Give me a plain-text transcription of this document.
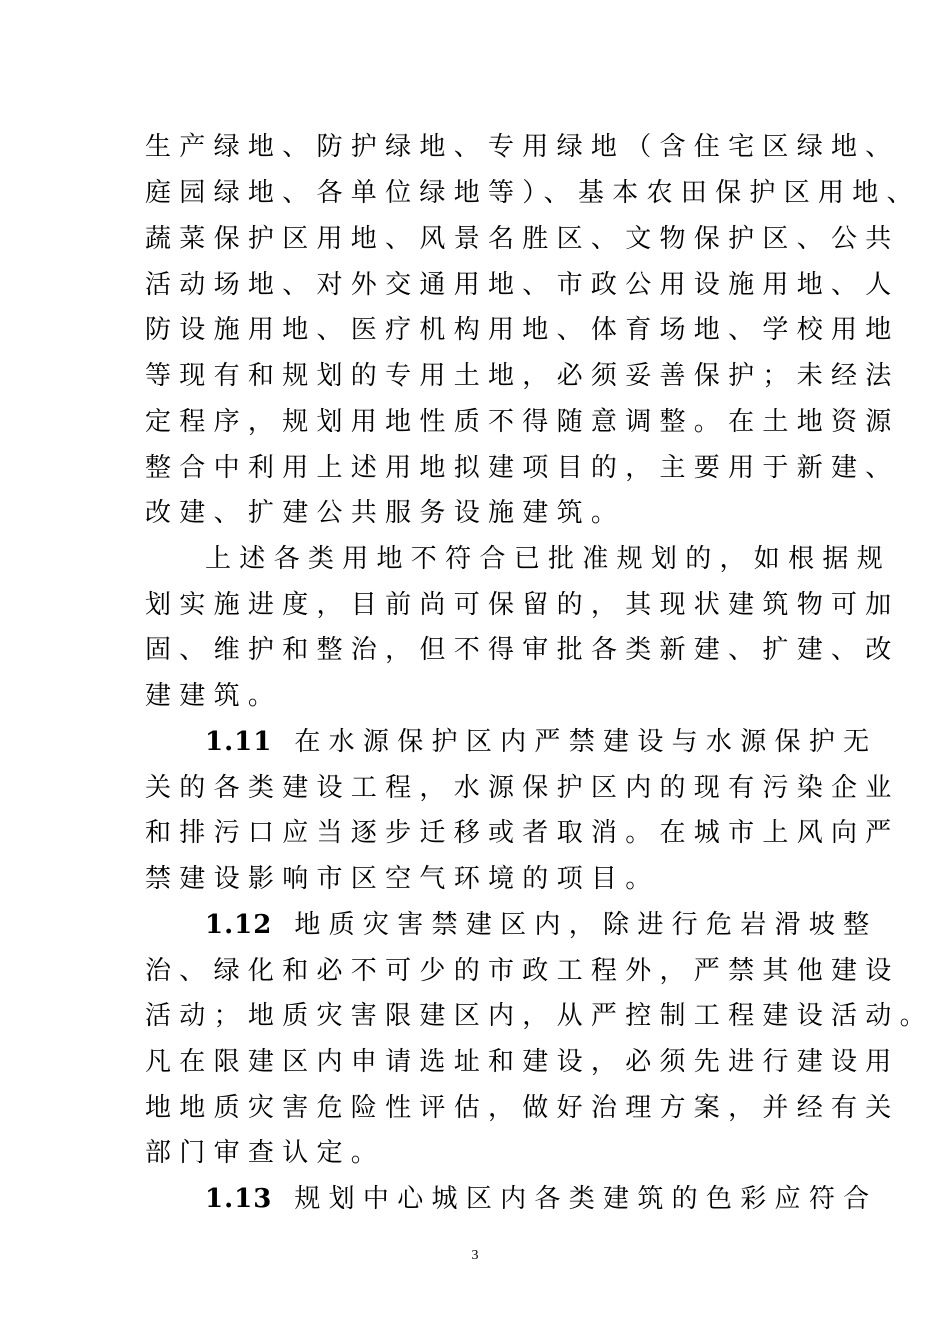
生产绿地、防护绿地、专用绿地（含住宅区绿地、
庭园绿地、各单位绿地等）、基本农田保护区用地、
蔬菜保护区用地、风景名胜区、文物保护区、公共
活动场地、对外交通用地、市政公用设施用地、人
防设施用地、医疗机构用地、体育场地、学校用地
等现有和规划的专用土地，必须妥善保护；未经法
定程序，规划用地性质不得随意调整。在土地资源
整合中利用上述用地拟建项目的，主要用于新建、
改建、扩建公共服务设施建筑。
上述各类用地不符合已批准规划的，如根据规
划实施进度，目前尚可保留的，其现状建筑物可加
固、维护和整治，但不得审批各类新建、扩建、改
建建筑。
1.11 在水源保护区内严禁建设与水源保护无
关的各类建设工程，水源保护区内的现有污染企业
和排污口应当逐步迁移或者取消。在城市上风向严
禁建设影响市区空气环境的项目。
1.12 地质灾害禁建区内，除进行危岩滑坡整
治、绿化和必不可少的市政工程外，严禁其他建设
活动；地质灾害限建区内，从严控制工程建设活动。
凡在限建区内申请选址和建设，必须先进行建设用
地地质灾害危险性评估，做好治理方案，并经有关
部门审查认定。
1.13 规划中心城区内各类建筑的色彩应符合
3
